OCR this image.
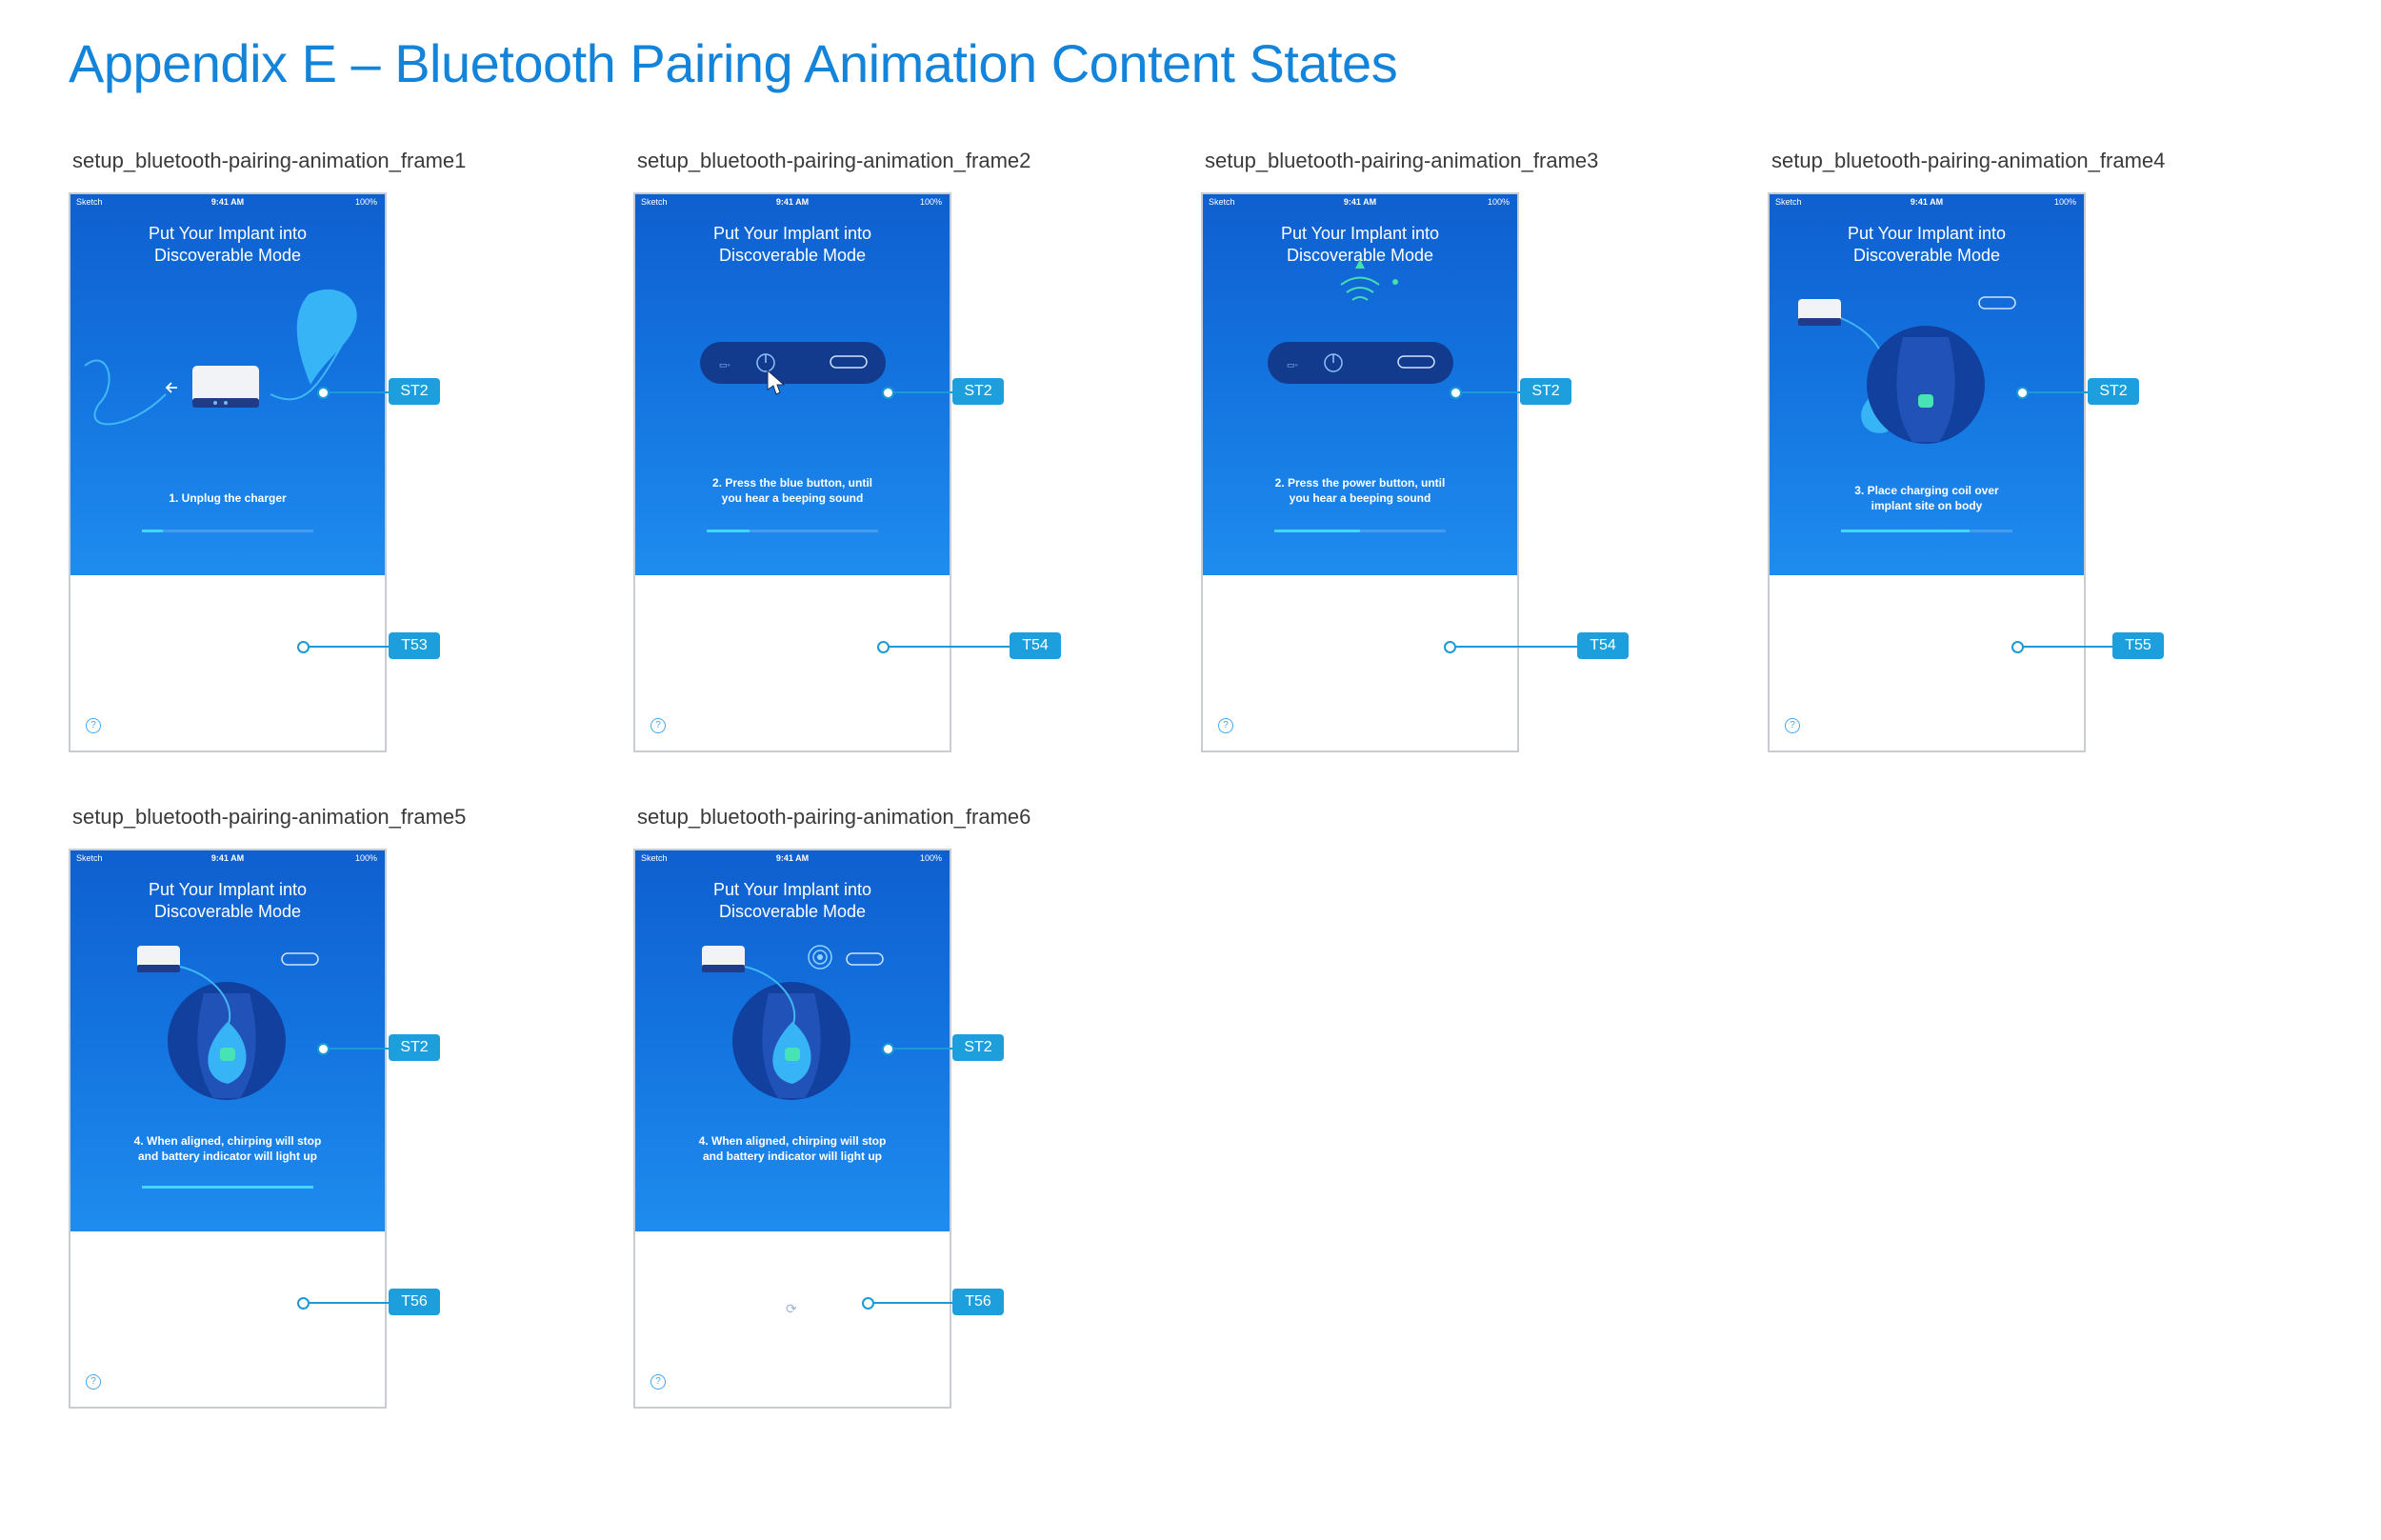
Appendix E – Bluetooth Pairing Animation Content States
setup_bluetooth-pairing-animation_frame1
Sketch	9:41 AM	100%
Put Your Implant into
Discoverable Mode
1. Unplug the charger
?
ST2
T53
setup_bluetooth-pairing-animation_frame2
▭◦
Sketch	9:41 AM	100%
Put Your Implant into
Discoverable Mode
2. Press the blue button, until
you hear a beeping sound
?
ST2
T54
setup_bluetooth-pairing-animation_frame3
▭◦
Sketch	9:41 AM	100%
Put Your Implant into
Discoverable Mode
2. Press the power button, until
you hear a beeping sound
?
ST2
T54
setup_bluetooth-pairing-animation_frame4
Sketch	9:41 AM	100%
Put Your Implant into
Discoverable Mode
3. Place charging coil over
implant site on body
?
ST2
T55
setup_bluetooth-pairing-animation_frame5
Sketch	9:41 AM	100%
Put Your Implant into
Discoverable Mode
4. When aligned, chirping will stop
and battery indicator will light up
?
ST2
T56
setup_bluetooth-pairing-animation_frame6
Sketch	9:41 AM	100%
Put Your Implant into
Discoverable Mode
4. When aligned, chirping will stop
and battery indicator will light up
⟳
?
ST2
T56
